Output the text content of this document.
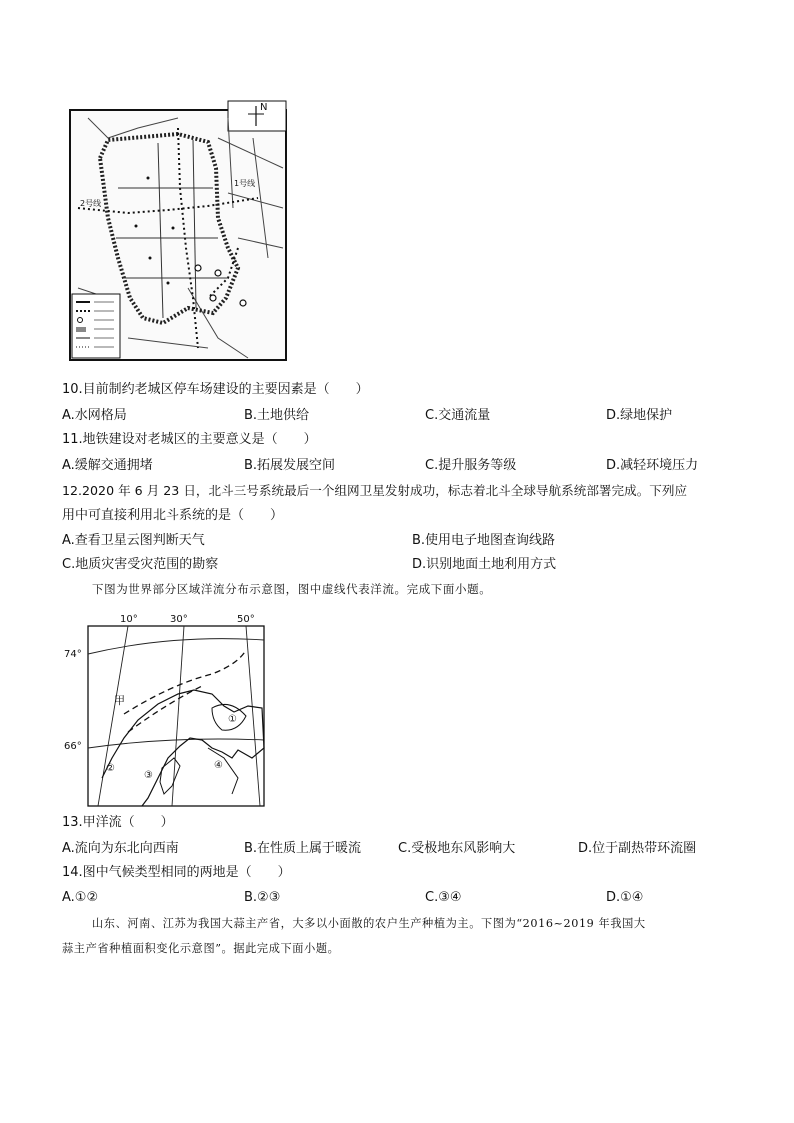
N
2号线
1号线
10.目前制约老城区停车场建设的主要因素是（　　）
A.水网格局	B.土地供给	C.交通流量	D.绿地保护
11.地铁建设对老城区的主要意义是（　　）
A.缓解交通拥堵	B.拓展发展空间	C.提升服务等级	D.减轻环境压力
12.2020 年 6 月 23 日，北斗三号系统最后一个组网卫星发射成功，标志着北斗全球导航系统部署完成。下列应
用中可直接利用北斗系统的是（　　）
A.查看卫星云图判断天气	B.使用电子地图查询线路
C.地质灾害受灾范围的勘察	D.识别地面土地利用方式
下图为世界部分区域洋流分布示意图，图中虚线代表洋流。完成下面小题。
10°	30°	50°
74°
66°
甲
①
②
③
④
13.甲洋流（　　）
A.流向为东北向西南	B.在性质上属于暖流	C.受极地东风影响大	D.位于副热带环流圈
14.图中气候类型相同的两地是（　　）
A.①②	B.②③	C.③④	D.①④
山东、河南、江苏为我国大蒜主产省，大多以小面散的农户生产种植为主。下图为“2016~2019 年我国大
蒜主产省种植面积变化示意图”。据此完成下面小题。
